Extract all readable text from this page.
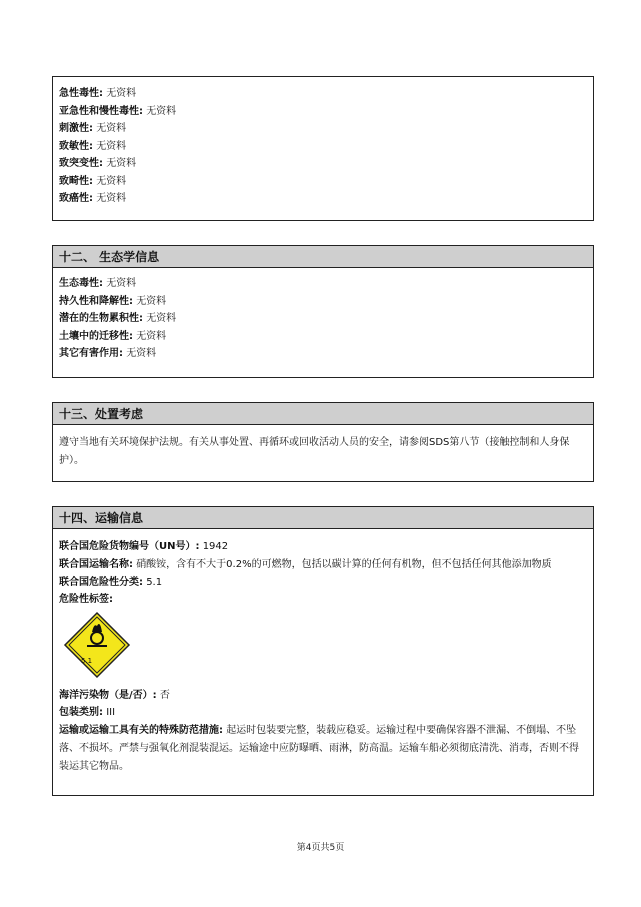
急性毒性: 无资料
亚急性和慢性毒性: 无资料
刺激性: 无资料
致敏性: 无资料
致突变性: 无资料
致畸性: 无资料
致癌性: 无资料
十二、 生态学信息
生态毒性: 无资料
持久性和降解性: 无资料
潜在的生物累积性: 无资料
土壤中的迁移性: 无资料
其它有害作用: 无资料
十三、处置考虑
遵守当地有关环境保护法规。有关从事处置、再循环或回收活动人员的安全，请参阅SDS第八节（接触控制和人身保护）。
十四、运输信息
联合国危险货物编号（UN号）: 1942
联合国运输名称: 硝酸铵，含有不大于0.2%的可燃物，包括以碳计算的任何有机物，但不包括任何其他添加物质
联合国危险性分类: 5.1
危险性标签:
5.1
海洋污染物（是/否）: 否
包装类别: III
运输或运输工具有关的特殊防范措施: 起运时包装要完整，装载应稳妥。运输过程中要确保容器不泄漏、不倒塌、不坠落、不损坏。严禁与强氧化剂混装混运。运输途中应防曝晒、雨淋，防高温。运输车船必须彻底清洗、消毒，否则不得装运其它物品。
第4页共5页
